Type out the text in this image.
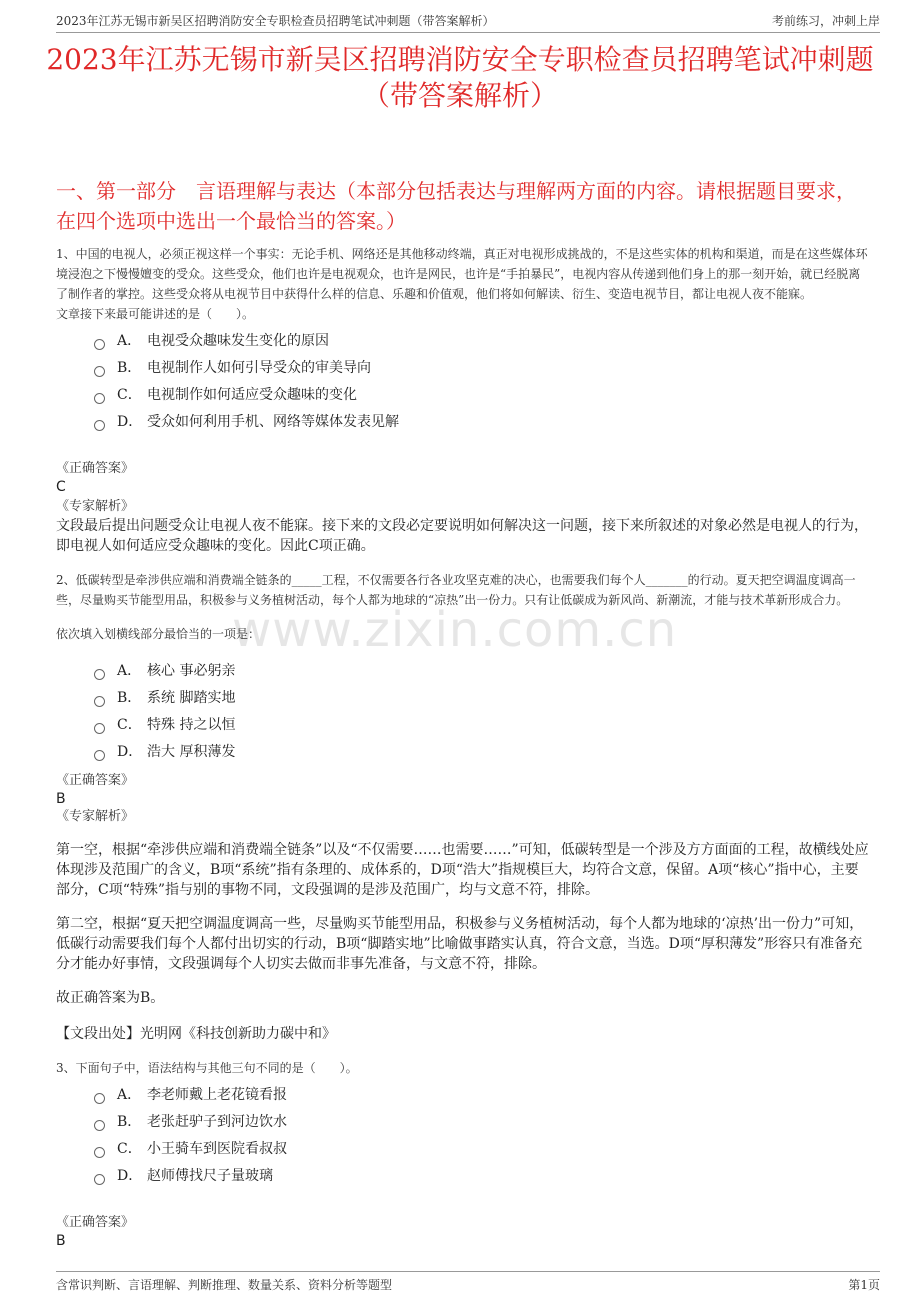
2023年江苏无锡市新吴区招聘消防安全专职检查员招聘笔试冲刺题（带答案解析）	考前练习，冲刺上岸
2023年江苏无锡市新吴区招聘消防安全专职检查员招聘笔试冲刺题（带答案解析）
一、第一部分　言语理解与表达（本部分包括表达与理解两方面的内容。请根据题目要求，在四个选项中选出一个最恰当的答案。）
www.zixin.com.cn
1、中国的电视人，必须正视这样一个事实：无论手机、网络还是其他移动终端，真正对电视形成挑战的，不是这些实体的机构和渠道，而是在这些媒体环境浸泡之下慢慢嬗变的受众。这些受众，他们也许是电视观众，也许是网民，也许是“手拍暴民”，电视内容从传递到他们身上的那一刻开始，就已经脱离了制作者的掌控。这些受众将从电视节目中获得什么样的信息、乐趣和价值观，他们将如何解读、衍生、变造电视节目，都让电视人夜不能寐。
文章接下来最可能讲述的是（　　）。
A． 电视受众趣味发生变化的原因
B． 电视制作人如何引导受众的审美导向
C． 电视制作如何适应受众趣味的变化
D． 受众如何利用手机、网络等媒体发表见解
《正确答案》
C
《专家解析》
文段最后提出问题受众让电视人夜不能寐。接下来的文段必定要说明如何解决这一问题，接下来所叙述的对象必然是电视人的行为，即电视人如何适应受众趣味的变化。因此C项正确。
2、低碳转型是牵涉供应端和消费端全链条的_____工程，不仅需要各行各业攻坚克难的决心，也需要我们每个人_______的行动。夏天把空调温度调高一些，尽量购买节能型用品，积极参与义务植树活动，每个人都为地球的“凉热”出一份力。只有让低碳成为新风尚、新潮流，才能与技术革新形成合力。
依次填入划横线部分最恰当的一项是：
A． 核心 事必躬亲
B． 系统 脚踏实地
C． 特殊 持之以恒
D． 浩大 厚积薄发
《正确答案》
B
《专家解析》
第一空，根据“牵涉供应端和消费端全链条”以及“不仅需要……也需要……”可知，低碳转型是一个涉及方方面面的工程，故横线处应体现涉及范围广的含义，B项“系统”指有条理的、成体系的，D项“浩大”指规模巨大，均符合文意，保留。A项“核心”指中心，主要部分，C项“特殊”指与别的事物不同，文段强调的是涉及范围广，均与文意不符，排除。
第二空，根据“夏天把空调温度调高一些，尽量购买节能型用品，积极参与义务植树活动，每个人都为地球的‘凉热’出一份力”可知，低碳行动需要我们每个人都付出切实的行动，B项“脚踏实地”比喻做事踏实认真，符合文意，当选。D项“厚积薄发”形容只有准备充分才能办好事情，文段强调每个人切实去做而非事先准备，与文意不符，排除。
故正确答案为B。
【文段出处】光明网《科技创新助力碳中和》
3、下面句子中，语法结构与其他三句不同的是（　　）。
A． 李老师戴上老花镜看报
B． 老张赶驴子到河边饮水
C． 小王骑车到医院看叔叔
D． 赵师傅找尺子量玻璃
《正确答案》
B
含常识判断、言语理解、判断推理、数量关系、资料分析等题型	第1页
